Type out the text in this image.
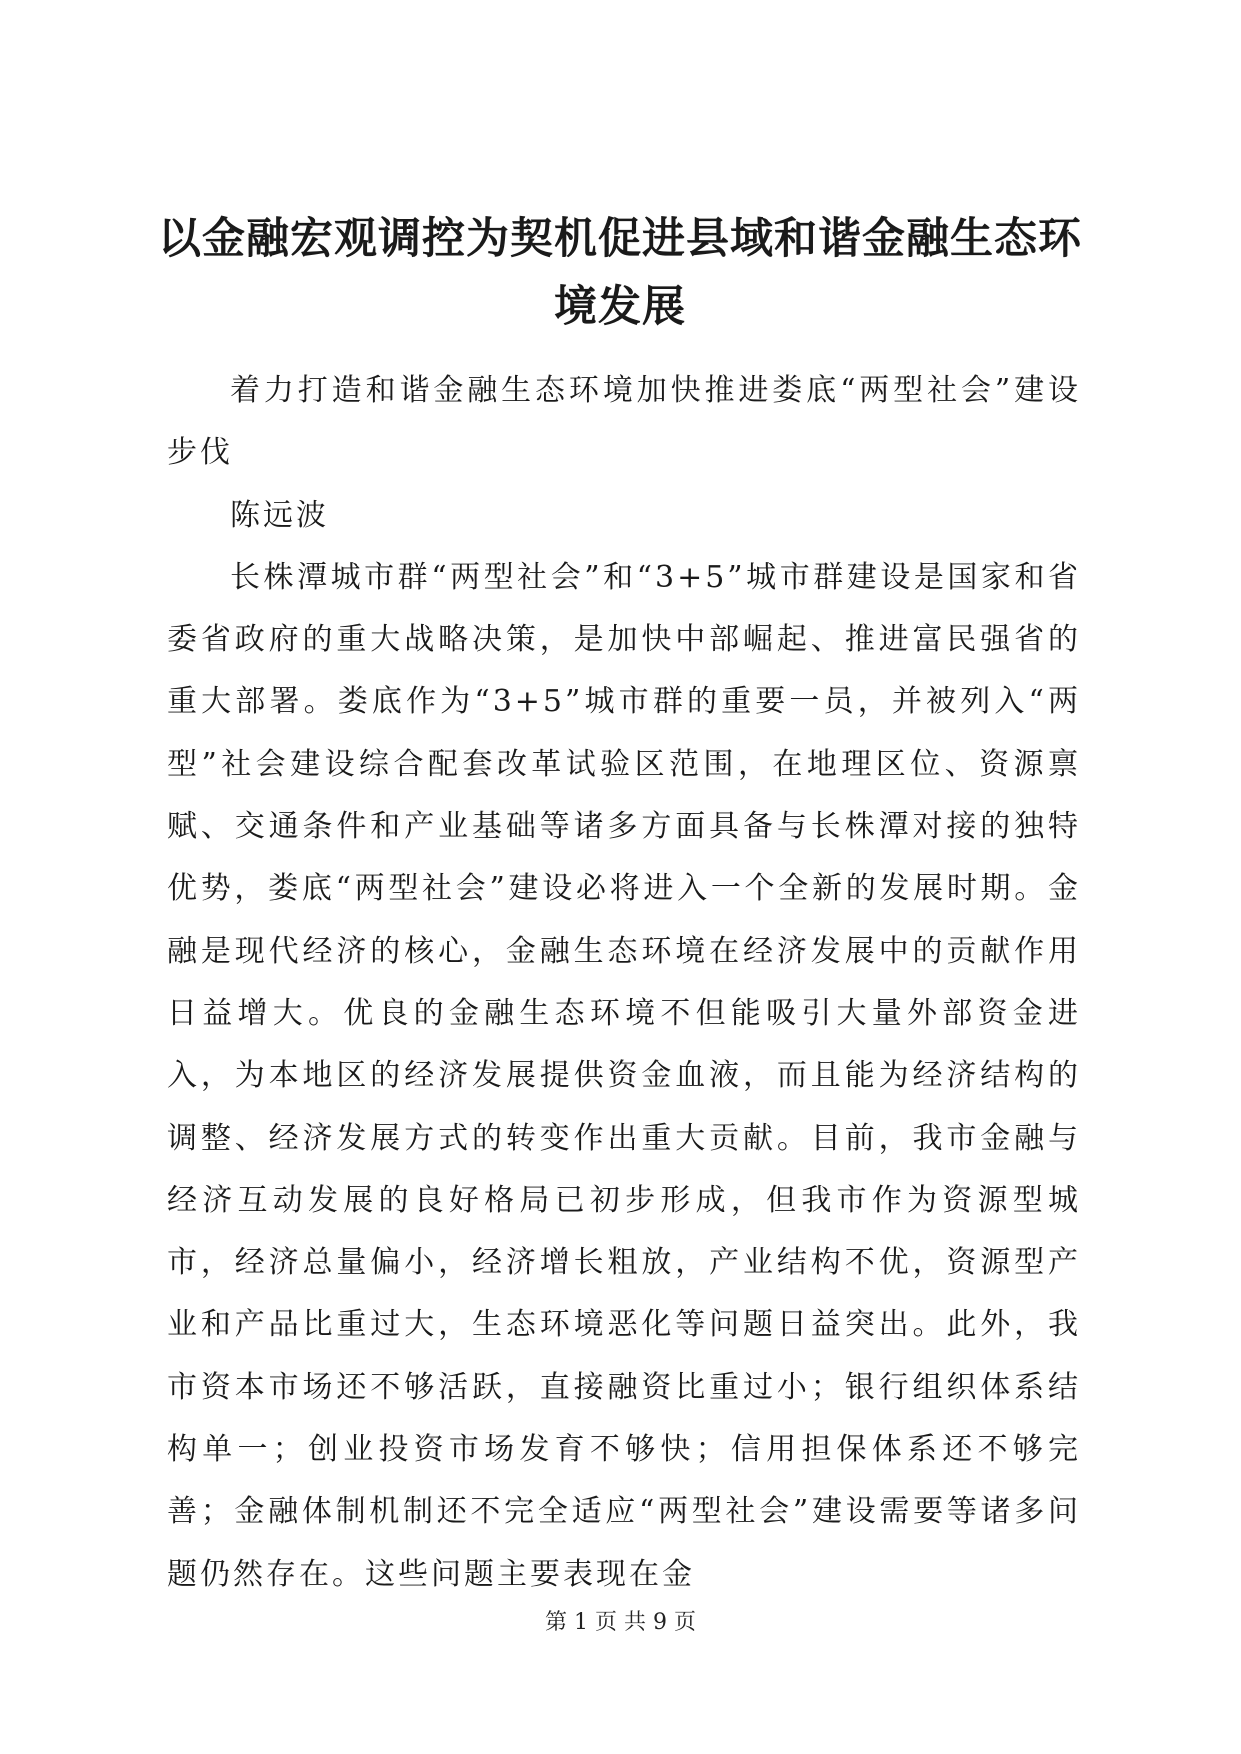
以金融宏观调控为契机促进县域和谐金融生态环境发展

着力打造和谐金融生态环境加快推进娄底“两型社会”建设步伐

陈远波

长株潭城市群“两型社会”和“3+5”城市群建设是国家和省委省政府的重大战略决策，是加快中部崛起、推进富民强省的重大部署。娄底作为“3+5”城市群的重要一员，并被列入“两型”社会建设综合配套改革试验区范围，在地理区位、资源禀赋、交通条件和产业基础等诸多方面具备与长株潭对接的独特优势，娄底“两型社会”建设必将进入一个全新的发展时期。金融是现代经济的核心，金融生态环境在经济发展中的贡献作用日益增大。优良的金融生态环境不但能吸引大量外部资金进入，为本地区的经济发展提供资金血液，而且能为经济结构的调整、经济发展方式的转变作出重大贡献。目前，我市金融与经济互动发展的良好格局已初步形成，但我市作为资源型城市，经济总量偏小，经济增长粗放，产业结构不优，资源型产业和产品比重过大，生态环境恶化等问题日益突出。此外，我市资本市场还不够活跃，直接融资比重过小；银行组织体系结构单一；创业投资市场发育不够快；信用担保体系还不够完善；金融体制机制还不完全适应“两型社会”建设需要等诸多问题仍然存在。这些问题主要表现在金

第 1 页 共 9 页
